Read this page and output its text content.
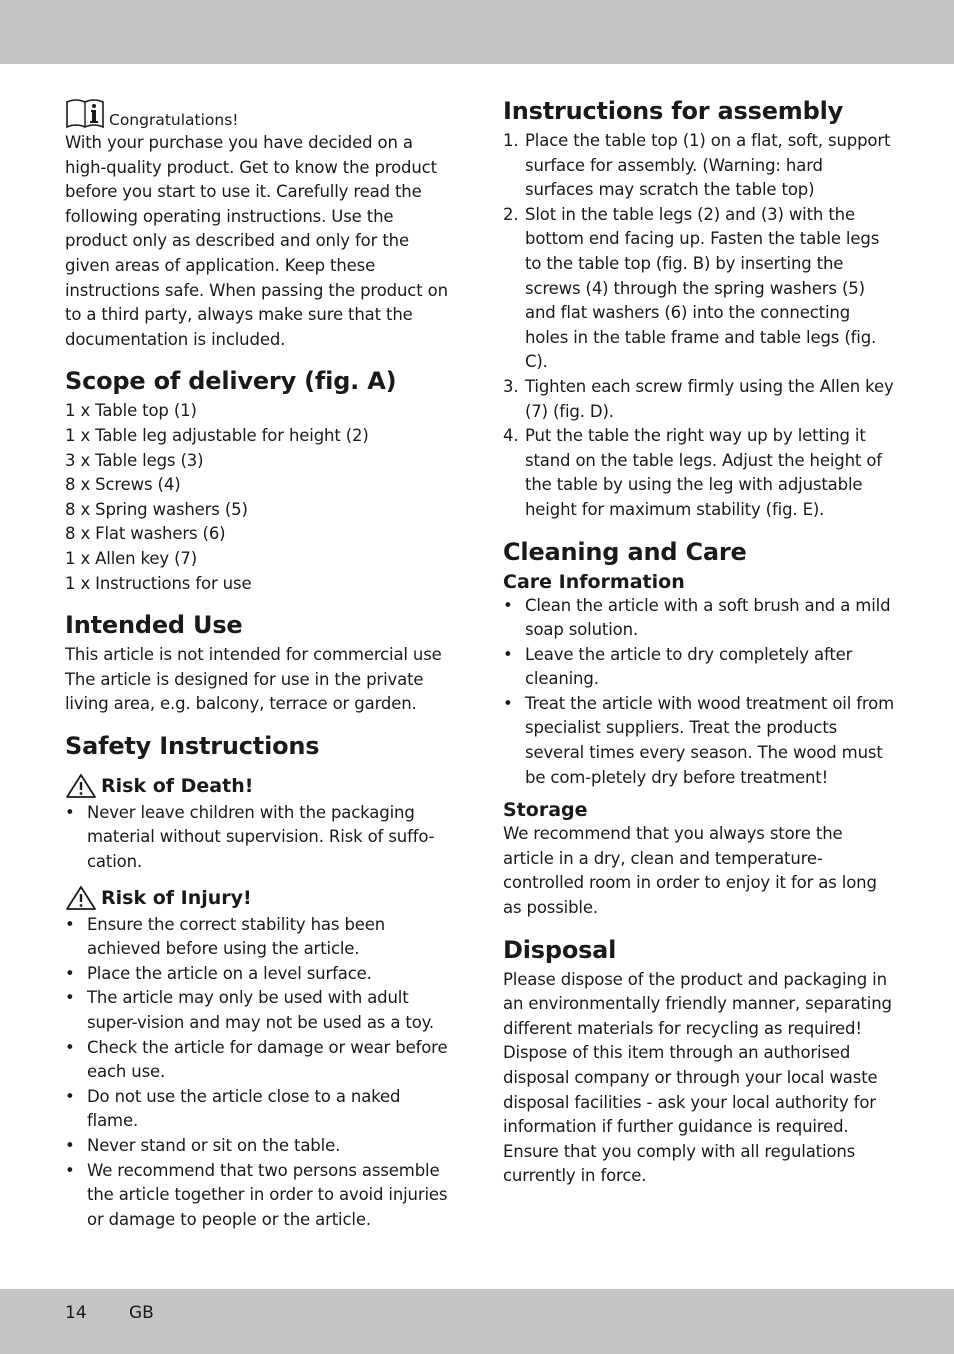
Congratulations!

With your purchase you have decided on a high-quality product. Get to know the product before you start to use it. Carefully read the following operating instructions. Use the product only as described and only for the given areas of application. Keep these instructions safe. When passing the product on to a third party, always make sure that the documentation is included.

Scope of delivery (fig. A)
1 x Table top (1)
1 x Table leg adjustable for height (2)
3 x Table legs (3)
8 x Screws (4)
8 x Spring washers (5)
8 x Flat washers (6)
1 x Allen key (7)
1 x Instructions for use
Intended Use

This article is not intended for commercial use The article is designed for use in the private living area, e.g. balcony, terrace or garden.

Safety Instructions
Risk of Death!
• Never leave children with the packaging material without supervision. Risk of suffo-cation.
Risk of Injury!
• Ensure the correct stability has been achieved before using the article.
• Place the article on a level surface.
• The article may only be used with adult super-vision and may not be used as a toy.
• Check the article for damage or wear before each use.
• Do not use the article close to a naked flame.
• Never stand or sit on the table.
• We recommend that two persons assemble the article together in order to avoid injuries or damage to people or the article.
Instructions for assembly
1. Place the table top (1) on a flat, soft, support surface for assembly. (Warning: hard surfaces may scratch the table top)
2. Slot in the table legs (2) and (3) with the bottom end facing up. Fasten the table legs to the table top (fig. B) by inserting the screws (4) through the spring washers (5) and flat washers (6) into the connecting holes in the table frame and table legs (fig. C).
3. Tighten each screw firmly using the Allen key (7) (fig. D).
4. Put the table the right way up by letting it stand on the table legs. Adjust the height of the table by using the leg with adjustable height for maximum stability (fig. E).
Cleaning and Care
Care Information
• Clean the article with a soft brush and a mild soap solution.
• Leave the article to dry completely after cleaning.
• Treat the article with wood treatment oil from specialist suppliers. Treat the products several times every season. The wood must be com-pletely dry before treatment!
Storage

We recommend that you always store the article in a dry, clean and temperature-controlled room in order to enjoy it for as long as possible.

Disposal

Please dispose of the product and packaging in an environmentally friendly manner, separating different materials for recycling as required! Dispose of this item through an authorised disposal company or through your local waste disposal facilities - ask your local authority for information if further guidance is required. Ensure that you comply with all regulations currently in force.

14 GB
